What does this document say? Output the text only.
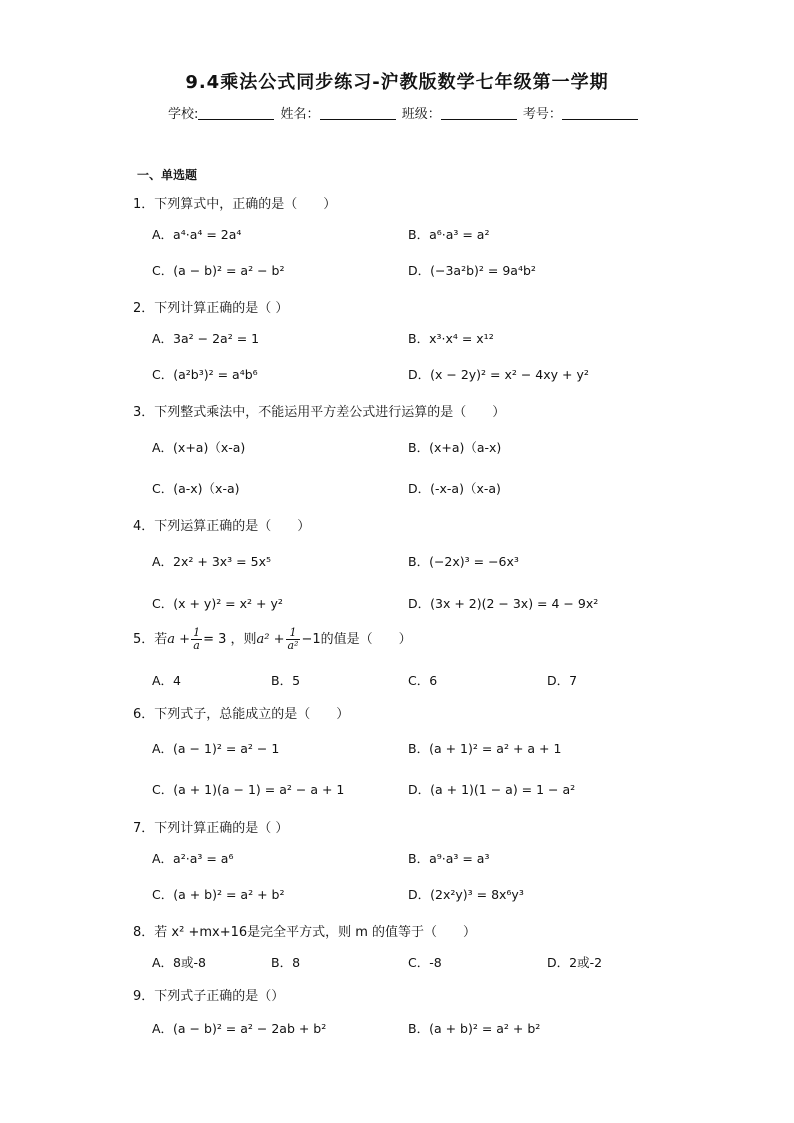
9.4乘法公式同步练习-沪教版数学七年级第一学期
学校:	姓名：	班级：	考号：
一、单选题
1．下列算式中，正确的是（　　）
A．a⁴·a⁴ = 2a⁴	B．a⁶·a³ = a²
C．(a − b)² = a² − b²	D．(−3a²b)² = 9a⁴b²
2．下列计算正确的是（ ）
A．3a² − 2a² = 1	B．x³·x⁴ = x¹²
C．(a²b³)² = a⁴b⁶	D．(x − 2y)² = x² − 4xy + y²
3．下列整式乘法中，不能运用平方差公式进行运算的是（　　）
A．(x+a)（x-a)	B．(x+a)（a-x)
C．(a-x)（x-a)	D．(-x-a)（x-a)
4．下列运算正确的是（　　）
A．2x² + 3x³ = 5x⁵	B．(−2x)³ = −6x³
C．(x + y)² = x² + y²	D．(3x + 2)(2 − 3x) = 4 − 9x²
5．若$a + \frac{1}{a} = 3$ ，则$a^2 + \frac{1}{\text{a²}} -1$的值是（　　）
A．4	B．5	C．6	D．7
6．下列式子，总能成立的是（　　）
A．(a − 1)² = a² − 1	B．(a + 1)² = a² + a + 1
C．(a + 1)(a − 1) = a² − a + 1	D．(a + 1)(1 − a) = 1 − a²
7．下列计算正确的是（ ）
A．a²·a³ = a⁶	B．a⁹·a³ = a³
C．(a + b)² = a² + b²	D．(2x²y)³ = 8x⁶y³
8．若 x² +mx+16是完全平方式，则 m 的值等于（　　）
A．8或-8	B．8	C．-8	D．2或-2
9．下列式子正确的是（）
A．(a − b)² = a² − 2ab + b²	B．(a + b)² = a² + b²
